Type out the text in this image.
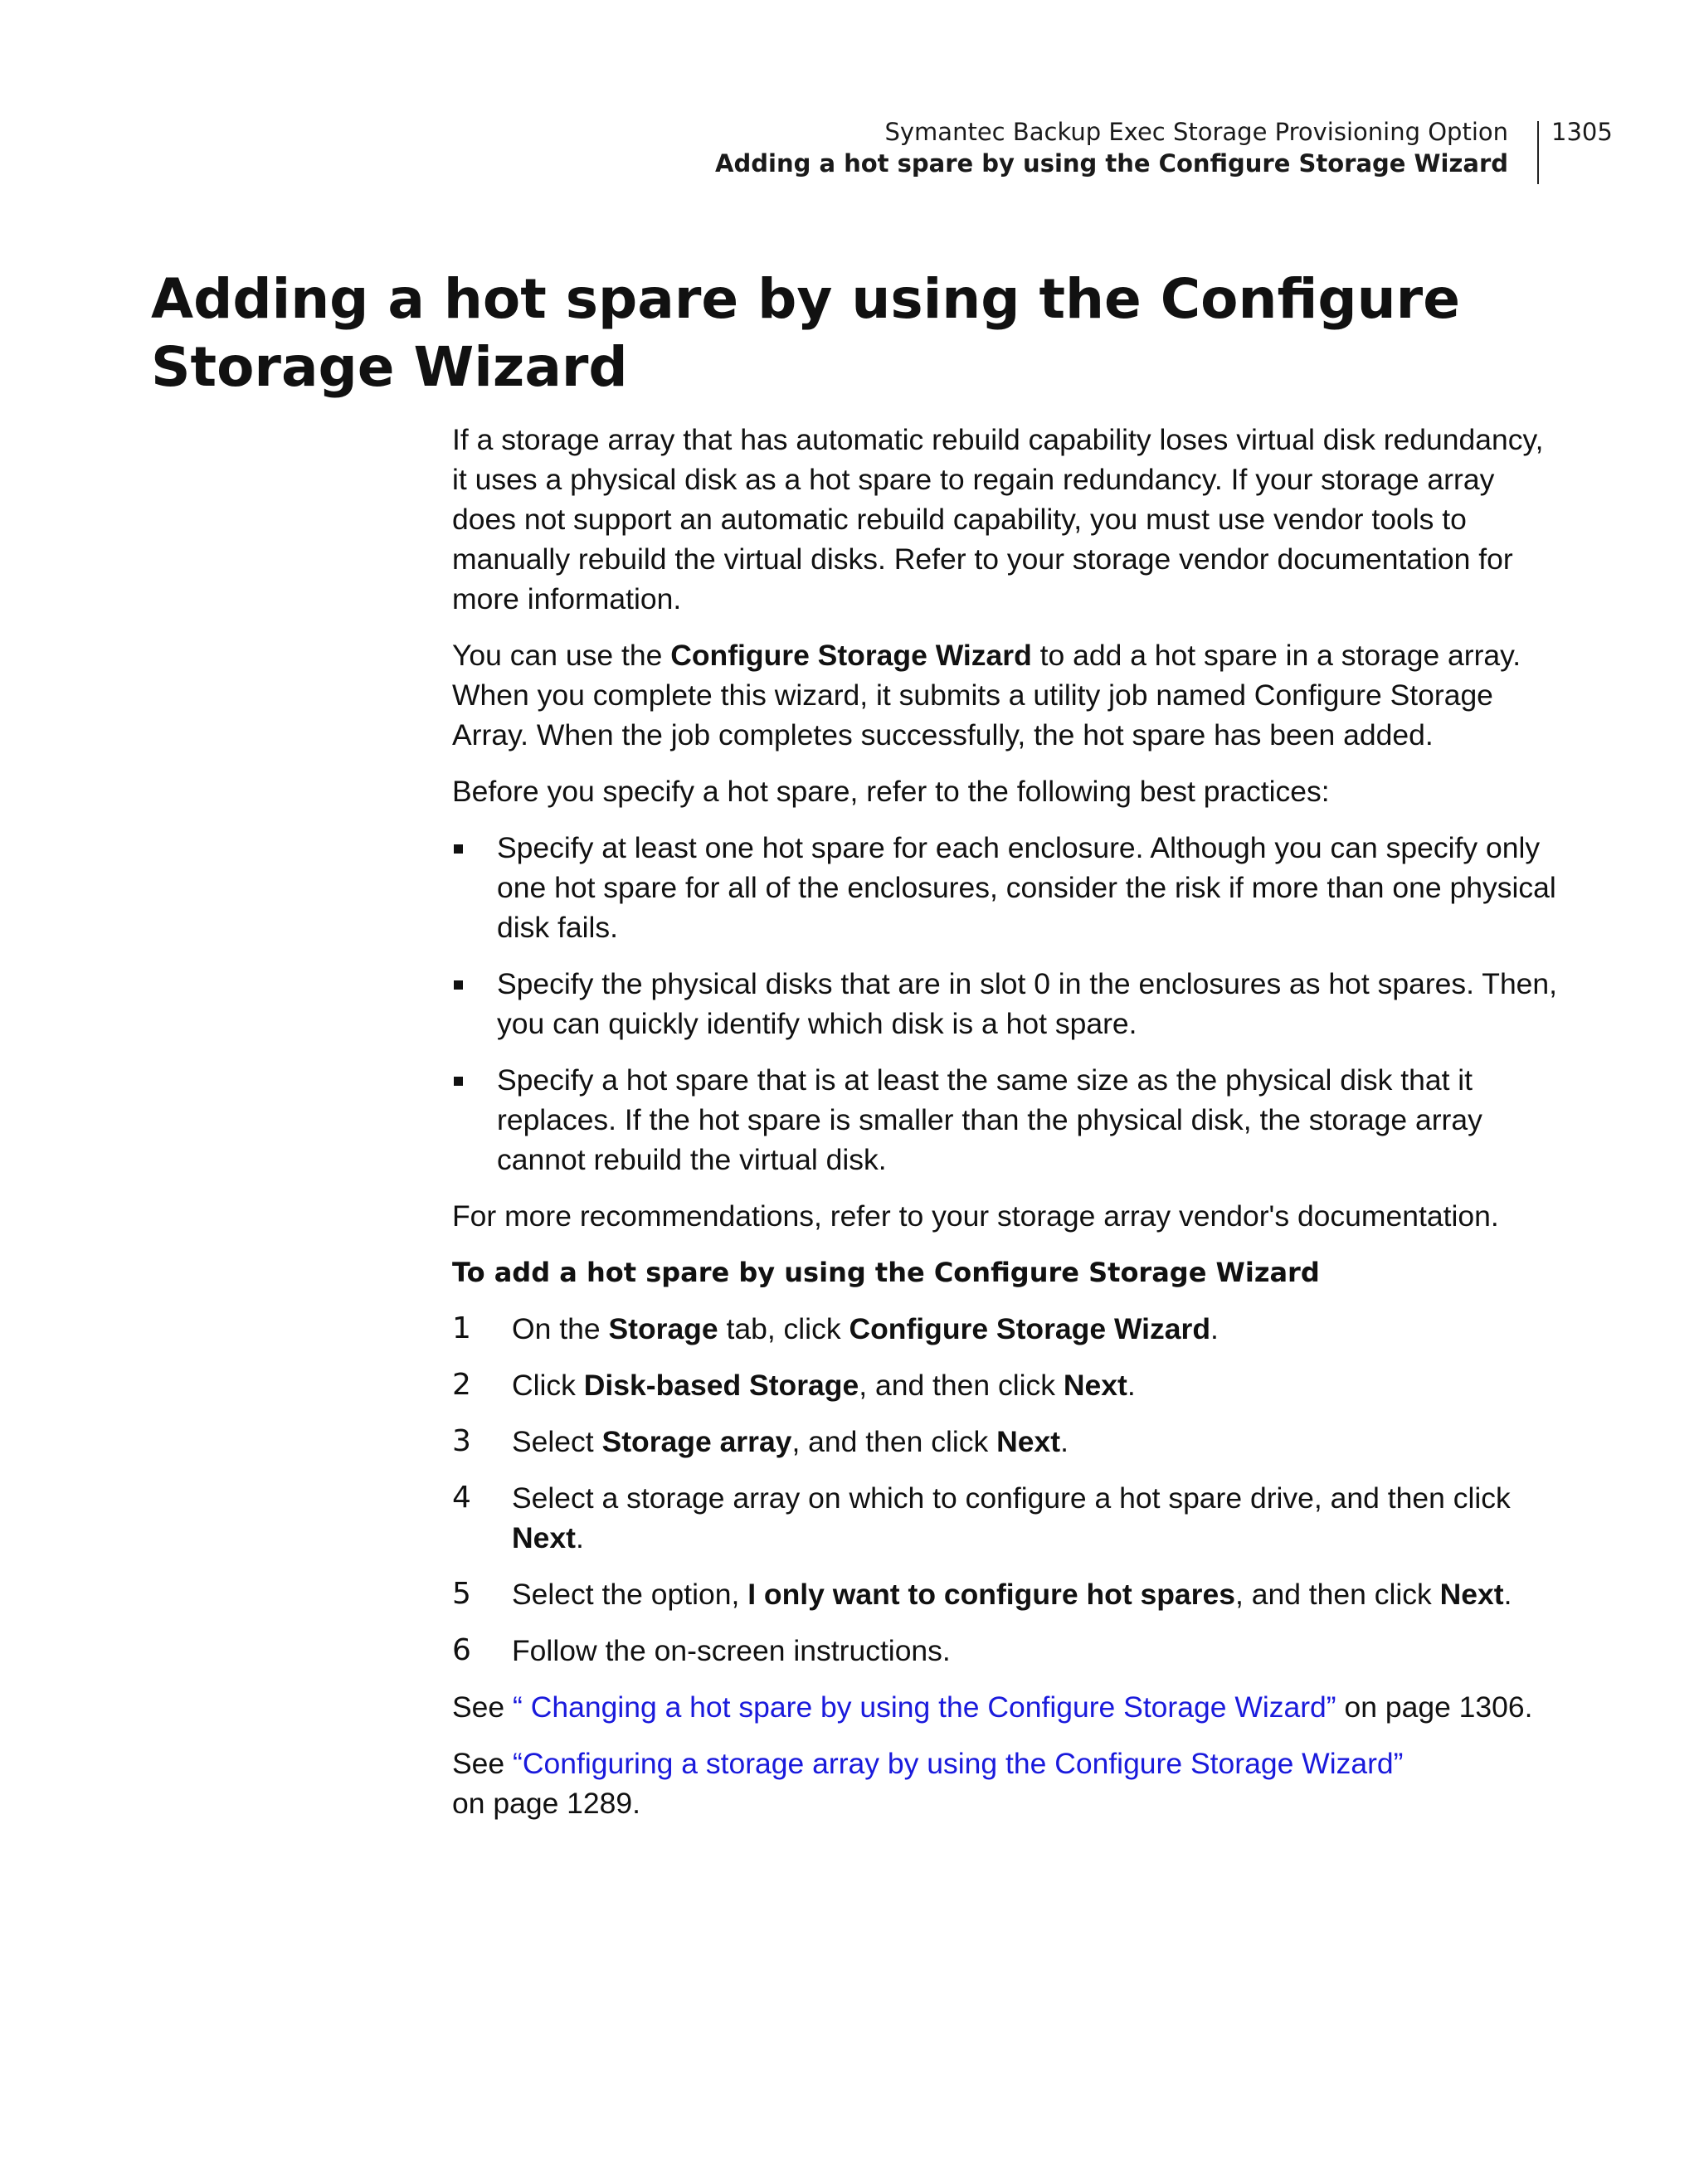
Symantec Backup Exec Storage Provisioning Option
Adding a hot spare by using the Configure Storage Wizard
1305
Adding a hot spare by using the Configure Storage Wizard

If a storage array that has automatic rebuild capability loses virtual disk redundancy, it uses a physical disk as a hot spare to regain redundancy. If your storage array does not support an automatic rebuild capability, you must use vendor tools to manually rebuild the virtual disks. Refer to your storage vendor documentation for more information.

You can use the Configure Storage Wizard to add a hot spare in a storage array. When you complete this wizard, it submits a utility job named Configure Storage Array. When the job completes successfully, the hot spare has been added.

Before you specify a hot spare, refer to the following best practices:

Specify at least one hot spare for each enclosure. Although you can specify only one hot spare for all of the enclosures, consider the risk if more than one physical disk fails.
Specify the physical disks that are in slot 0 in the enclosures as hot spares. Then, you can quickly identify which disk is a hot spare.
Specify a hot spare that is at least the same size as the physical disk that it replaces. If the hot spare is smaller than the physical disk, the storage array cannot rebuild the virtual disk.

For more recommendations, refer to your storage array vendor's documentation.

To add a hot spare by using the Configure Storage Wizard
1 On the Storage tab, click Configure Storage Wizard.
2 Click Disk-based Storage, and then click Next.
3 Select Storage array, and then click Next.
4 Select a storage array on which to configure a hot spare drive, and then click Next.
5 Select the option, I only want to configure hot spares, and then click Next.
6 Follow the on-screen instructions.

See “ Changing a hot spare by using the Configure Storage Wizard” on page 1306.

See “Configuring a storage array by using the Configure Storage Wizard”
on page 1289.
